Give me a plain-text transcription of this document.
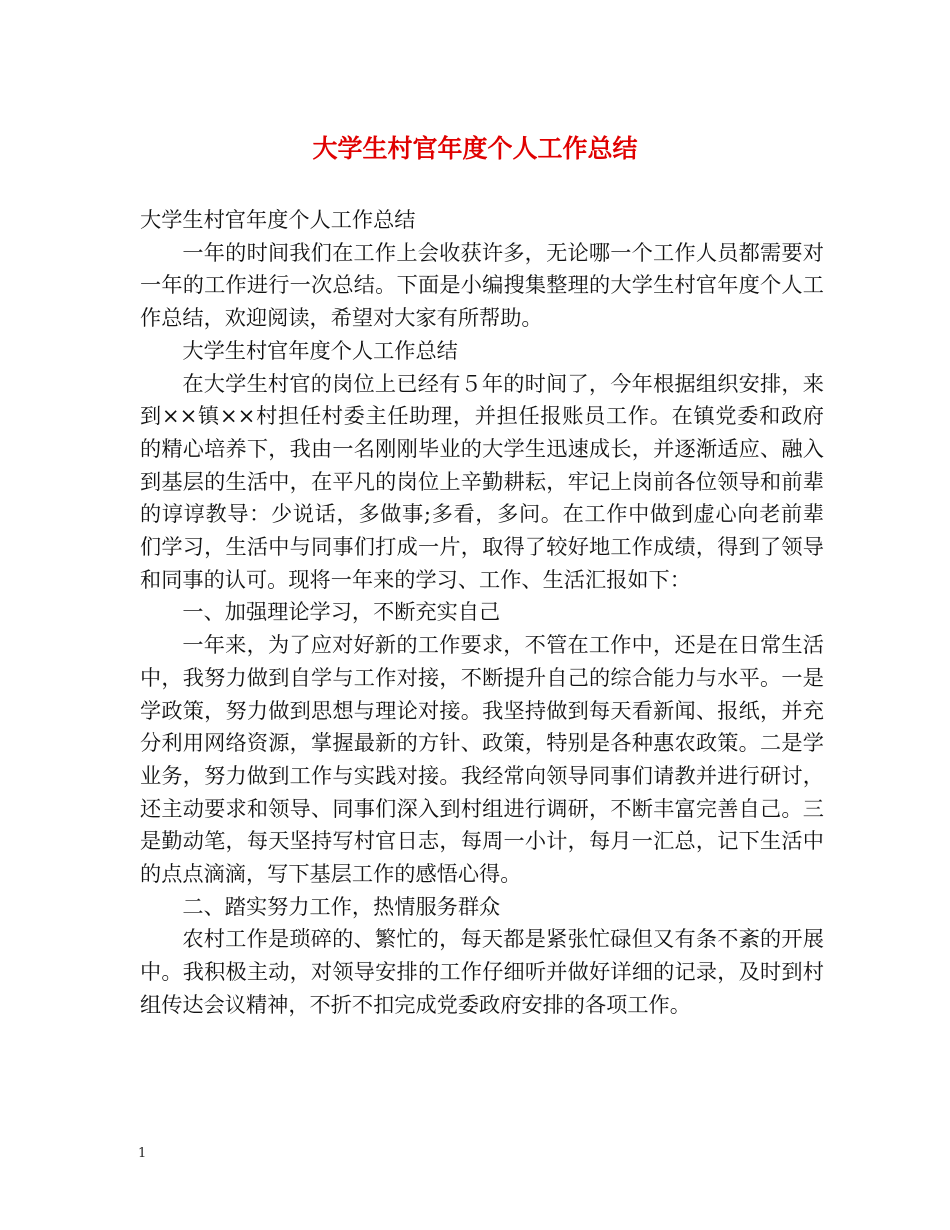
大学生村官年度个人工作总结

大学生村官年度个人工作总结

一年的时间我们在工作上会收获许多，无论哪一个工作人员都需要对一年的工作进行一次总结。下面是小编搜集整理的大学生村官年度个人工作总结，欢迎阅读，希望对大家有所帮助。

大学生村官年度个人工作总结

在大学生村官的岗位上已经有５年的时间了，今年根据组织安排，来到××镇××村担任村委主任助理，并担任报账员工作。在镇党委和政府的精心培养下，我由一名刚刚毕业的大学生迅速成长，并逐渐适应、融入到基层的生活中，在平凡的岗位上辛勤耕耘，牢记上岗前各位领导和前辈的谆谆教导：少说话，多做事;多看，多问。在工作中做到虚心向老前辈们学习，生活中与同事们打成一片，取得了较好地工作成绩，得到了领导和同事的认可。现将一年来的学习、工作、生活汇报如下：

一、加强理论学习，不断充实自己

一年来，为了应对好新的工作要求，不管在工作中，还是在日常生活中，我努力做到自学与工作对接，不断提升自己的综合能力与水平。一是学政策，努力做到思想与理论对接。我坚持做到每天看新闻、报纸，并充分利用网络资源，掌握最新的方针、政策，特别是各种惠农政策。二是学业务，努力做到工作与实践对接。我经常向领导同事们请教并进行研讨，还主动要求和领导、同事们深入到村组进行调研，不断丰富完善自己。三是勤动笔，每天坚持写村官日志，每周一小计，每月一汇总，记下生活中的点点滴滴，写下基层工作的感悟心得。

二、踏实努力工作，热情服务群众

农村工作是琐碎的、繁忙的，每天都是紧张忙碌但又有条不紊的开展中。我积极主动，对领导安排的工作仔细听并做好详细的记录，及时到村组传达会议精神，不折不扣完成党委政府安排的各项工作。

1
